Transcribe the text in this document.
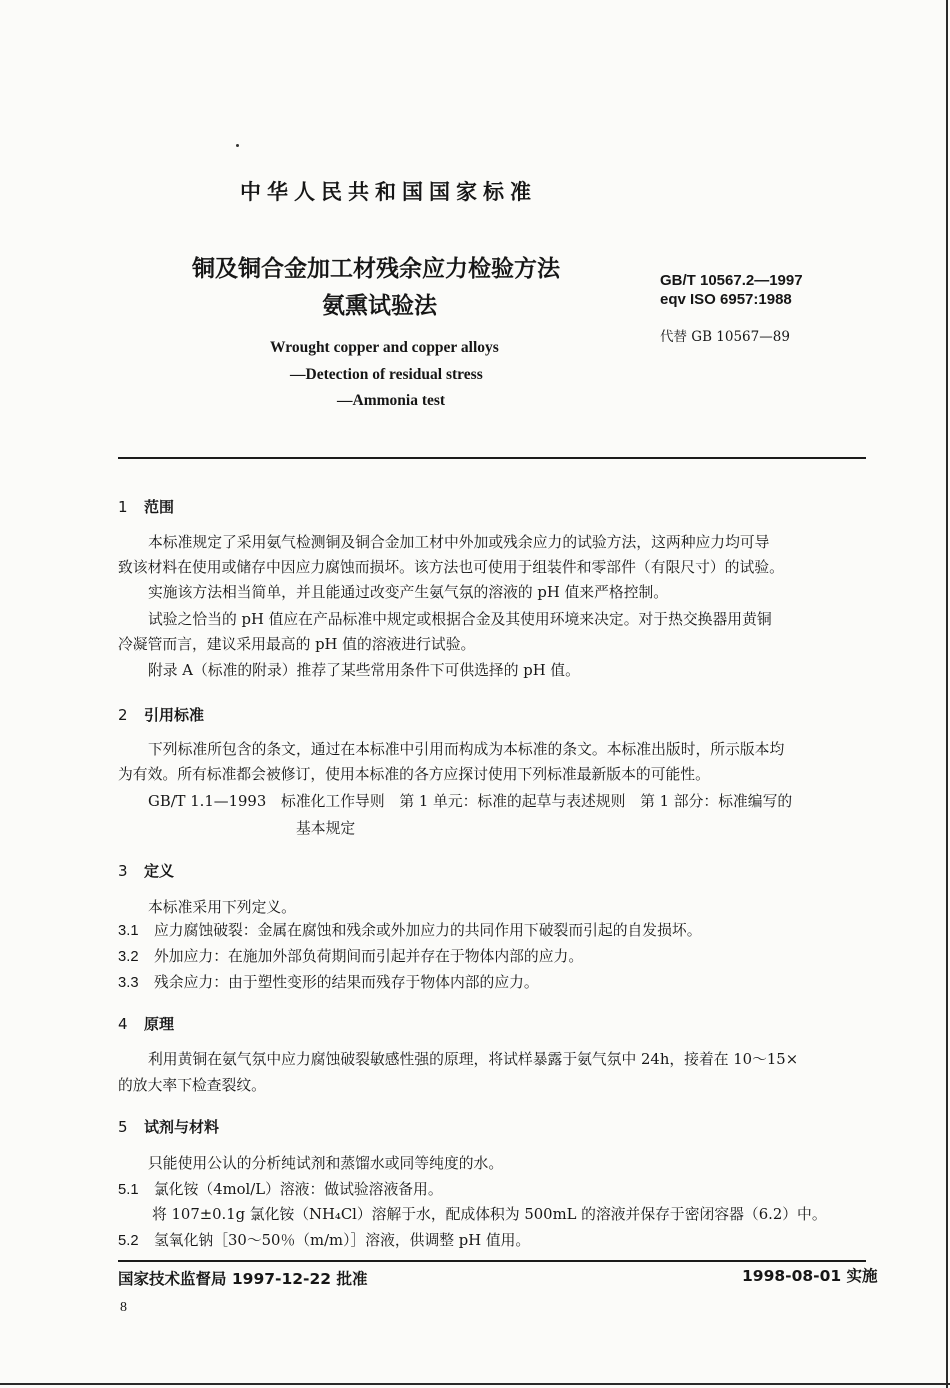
中华人民共和国国家标准
铜及铜合金加工材残余应力检验方法
氨熏试验法
Wrought copper and copper alloys
—Detection of residual stress
—Ammonia test
GB/T 10567.2—1997
eqv ISO 6957:1988
代替 GB 10567—89
1 范围
本标准规定了采用氨气检测铜及铜合金加工材中外加或残余应力的试验方法，这两种应力均可导
致该材料在使用或储存中因应力腐蚀而损坏。该方法也可使用于组装件和零部件（有限尺寸）的试验。
实施该方法相当简单，并且能通过改变产生氨气氛的溶液的 pH 值来严格控制。
试验之恰当的 pH 值应在产品标准中规定或根据合金及其使用环境来决定。对于热交换器用黄铜
冷凝管而言，建议采用最高的 pH 值的溶液进行试验。
附录 A（标准的附录）推荐了某些常用条件下可供选择的 pH 值。
2 引用标准
下列标准所包含的条文，通过在本标准中引用而构成为本标准的条文。本标准出版时，所示版本均
为有效。所有标准都会被修订，使用本标准的各方应探讨使用下列标准最新版本的可能性。
GB/T 1.1—1993　标准化工作导则　第 1 单元：标准的起草与表述规则　第 1 部分：标准编写的
基本规定
3 定义
本标准采用下列定义。
3.1 应力腐蚀破裂：金属在腐蚀和残余或外加应力的共同作用下破裂而引起的自发损坏。
3.2 外加应力：在施加外部负荷期间而引起并存在于物体内部的应力。
3.3 残余应力：由于塑性变形的结果而残存于物体内部的应力。
4 原理
利用黄铜在氨气氛中应力腐蚀破裂敏感性强的原理，将试样暴露于氨气氛中 24h，接着在 10～15×
的放大率下检查裂纹。
5 试剂与材料
只能使用公认的分析纯试剂和蒸馏水或同等纯度的水。
5.1 氯化铵（4mol/L）溶液：做试验溶液备用。
将 107±0.1g 氯化铵（NH₄Cl）溶解于水，配成体积为 500mL 的溶液并保存于密闭容器（6.2）中。
5.2 氢氧化钠［30～50％（m/m）］溶液，供调整 pH 值用。
国家技术监督局 1997-12-22 批准	1998-08-01 实施
8
